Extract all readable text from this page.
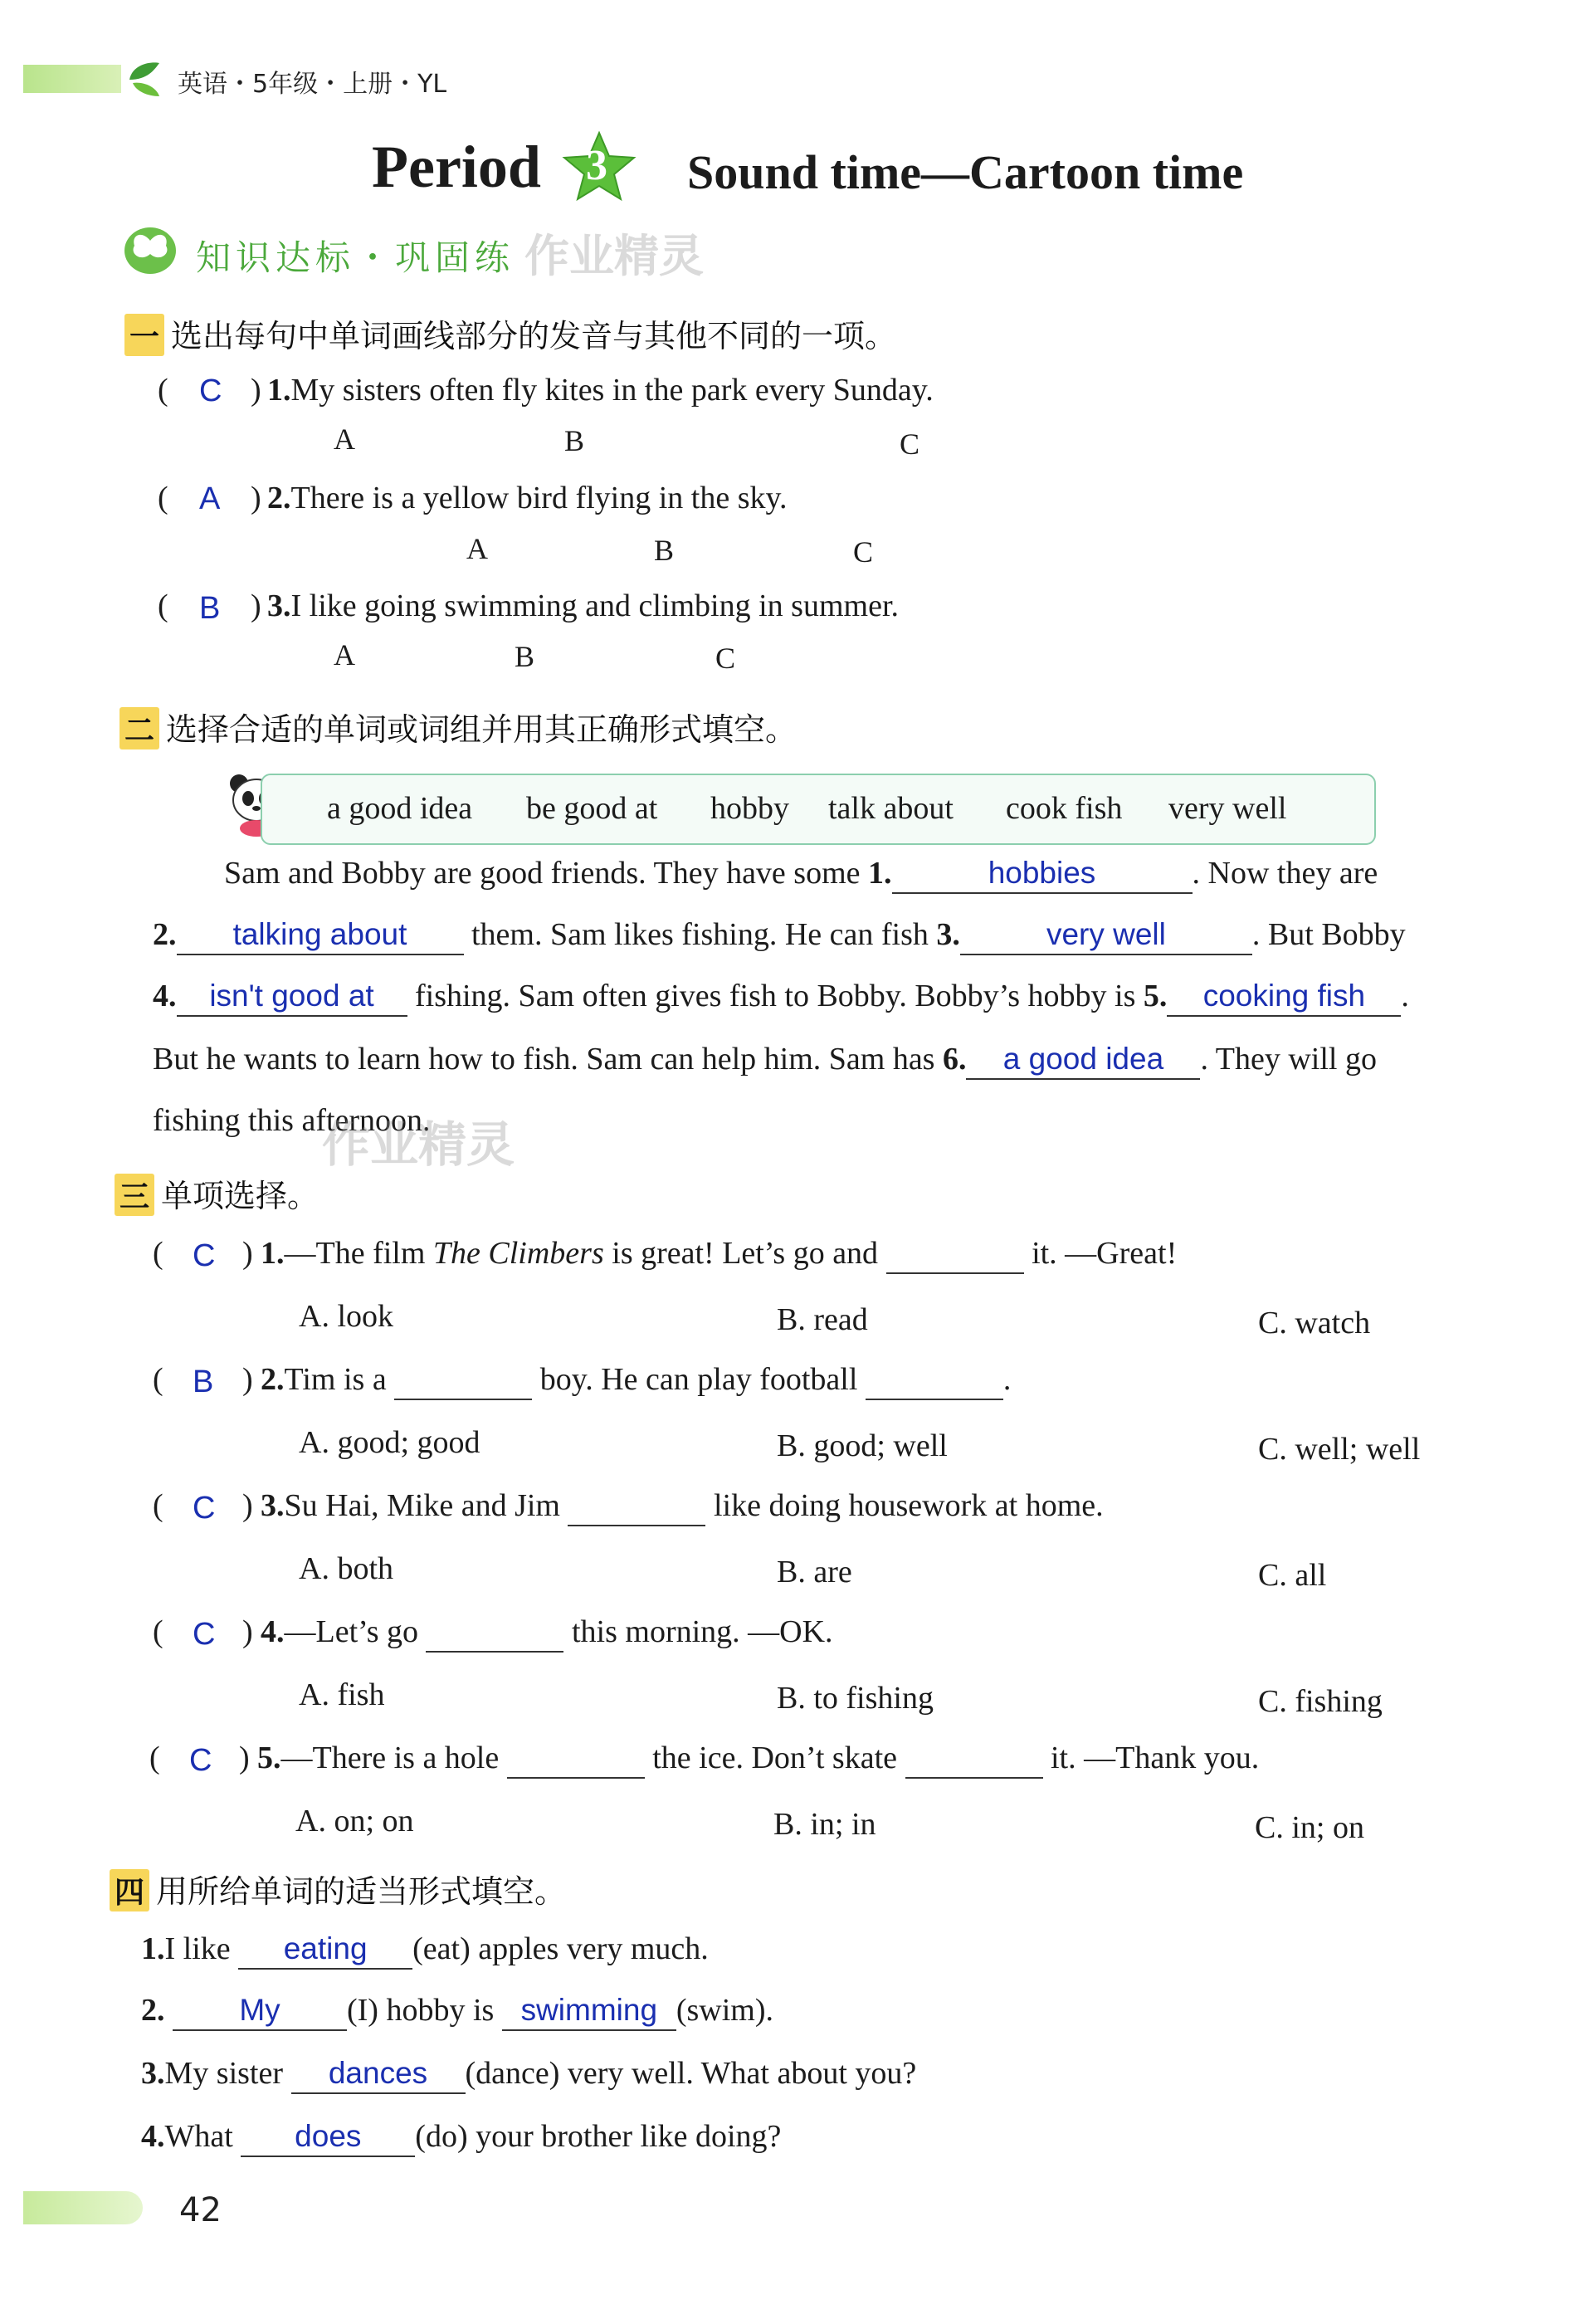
英语・5年级・上册・YL
Period 3 Sound time—Cartoon time
知识达标・巩固练 作业精灵
一 选出每句中单词画线部分的发音与其他不同的一项。
( C ) 1.My sisters often fly kites in the park every Sunday.
A	B	C
( A ) 2.There is a yellow bird flying in the sky.
A	B	C
( B ) 3.I like going swimming and climbing in summer.
A	B	C
二 选择合适的单词或词组并用其正确形式填空。
a good idea be good at hobby talk about cook fish very well
Sam and Bobby are good friends. They have some 1.	hobbies	. Now they are
2. talking about them. Sam likes fishing. He can fish 3.	very well	. But Bobby
4. isn't good at fishing. Sam often gives fish to Bobby. Bobby’s hobby is 5. cooking fish .
But he wants to learn how to fish. Sam can help him. Sam has 6. a good idea . They will go
fishing this afternoon.
作业精灵
三 单项选择。
( C ) 1.—The film The Climbers is great! Let’s go and	it. —Great!
A. look	B. read	C. watch
( B ) 2.Tim is a	boy. He can play football	.
A. good; good	B. good; well	C. well; well
( C ) 3.Su Hai, Mike and Jim	like doing housework at home.
A. both	B. are	C. all
( C ) 4.—Let’s go	this morning. —OK.
A. fish	B. to fishing	C. fishing
( C ) 5.—There is a hole	the ice. Don’t skate	it. —Thank you.
A. on; on	B. in; in	C. in; on
四 用所给单词的适当形式填空。
1.I like eating (eat) apples very much.
2. My (I) hobby is swimming (swim).
3.My sister dances (dance) very well. What about you?
4.What does (do) your brother like doing?
42
